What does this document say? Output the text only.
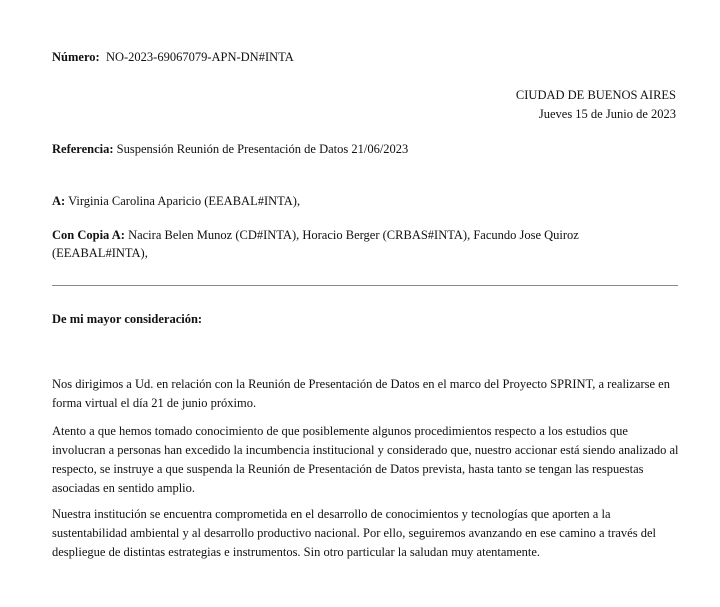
Número: NO-2023-69067079-APN-DN#INTA
CIUDAD DE BUENOS AIRES
Jueves 15 de Junio de 2023
Referencia: Suspensión Reunión de Presentación de Datos 21/06/2023
A: Virginia Carolina Aparicio (EEABAL#INTA),
Con Copia A: Nacira Belen Munoz (CD#INTA), Horacio Berger (CRBAS#INTA), Facundo Jose Quiroz
(EEABAL#INTA),
De mi mayor consideración:

Nos dirigimos a Ud. en relación con la Reunión de Presentación de Datos en el marco del Proyecto SPRINT, a realizarse en forma virtual el día 21 de junio próximo.

Atento a que hemos tomado conocimiento de que posiblemente algunos procedimientos respecto a los estudios que involucran a personas han excedido la incumbencia institucional y considerado que, nuestro accionar está siendo analizado al respecto, se instruye a que suspenda la Reunión de Presentación de Datos prevista, hasta tanto se tengan las respuestas asociadas en sentido amplio.

Nuestra institución se encuentra comprometida en el desarrollo de conocimientos y tecnologías que aporten a la sustentabilidad ambiental y al desarrollo productivo nacional. Por ello, seguiremos avanzando en ese camino a través del despliegue de distintas estrategias e instrumentos. Sin otro particular la saludan muy atentamente.
